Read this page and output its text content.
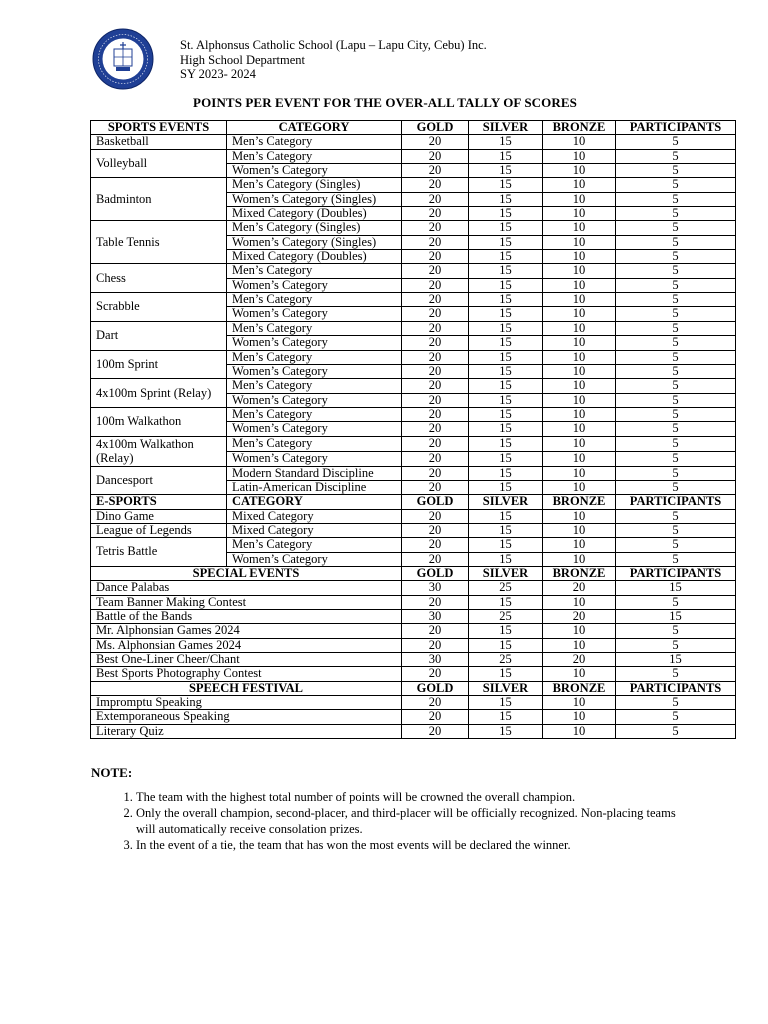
St. Alphonsus Catholic School (Lapu – Lapu City, Cebu) Inc.
High School Department
SY 2023- 2024
POINTS PER EVENT FOR THE OVER-ALL TALLY OF SCORES
SPORTS EVENTS	CATEGORY	GOLD	SILVER	BRONZE	PARTICIPANTS
Basketball	Men’s Category	20	15	10	5
Volleyball	Men’s Category	20	15	10	5
	Women’s Category	20	15	10	5
Badminton	Men’s Category (Singles)	20	15	10	5
	Women’s Category (Singles)	20	15	10	5
	Mixed Category (Doubles)	20	15	10	5
Table Tennis	Men’s Category (Singles)	20	15	10	5
	Women’s Category (Singles)	20	15	10	5
	Mixed Category (Doubles)	20	15	10	5
Chess	Men’s Category	20	15	10	5
	Women’s Category	20	15	10	5
Scrabble	Men’s Category	20	15	10	5
	Women’s Category	20	15	10	5
Dart	Men’s Category	20	15	10	5
	Women’s Category	20	15	10	5
100m Sprint	Men’s Category	20	15	10	5
	Women’s Category	20	15	10	5
4x100m Sprint (Relay)	Men’s Category	20	15	10	5
	Women’s Category	20	15	10	5
100m Walkathon	Men’s Category	20	15	10	5
	Women’s Category	20	15	10	5
4x100m Walkathon (Relay)	Men’s Category	20	15	10	5
	Women’s Category	20	15	10	5
Dancesport	Modern Standard Discipline	20	15	10	5
	Latin-American Discipline	20	15	10	5
E-SPORTS	CATEGORY	GOLD	SILVER	BRONZE	PARTICIPANTS
Dino Game	Mixed Category	20	15	10	5
League of Legends	Mixed Category	20	15	10	5
Tetris Battle	Men’s Category	20	15	10	5
	Women’s Category	20	15	10	5
SPECIAL EVENTS		GOLD	SILVER	BRONZE	PARTICIPANTS
Dance Palabas		30	25	20	15
Team Banner Making Contest		20	15	10	5
Battle of the Bands		30	25	20	15
Mr. Alphonsian Games 2024		20	15	10	5
Ms. Alphonsian Games 2024		20	15	10	5
Best One-Liner Cheer/Chant		30	25	20	15
Best Sports Photography Contest		20	15	10	5
SPEECH FESTIVAL		GOLD	SILVER	BRONZE	PARTICIPANTS
Impromptu Speaking		20	15	10	5
Extemporaneous Speaking		20	15	10	5
Literary Quiz		20	15	10	5
NOTE:
1. The team with the highest total number of points will be crowned the overall champion.
2. Only the overall champion, second-placer, and third-placer will be officially recognized. Non-placing teams will automatically receive consolation prizes.
3. In the event of a tie, the team that has won the most events will be declared the winner.
